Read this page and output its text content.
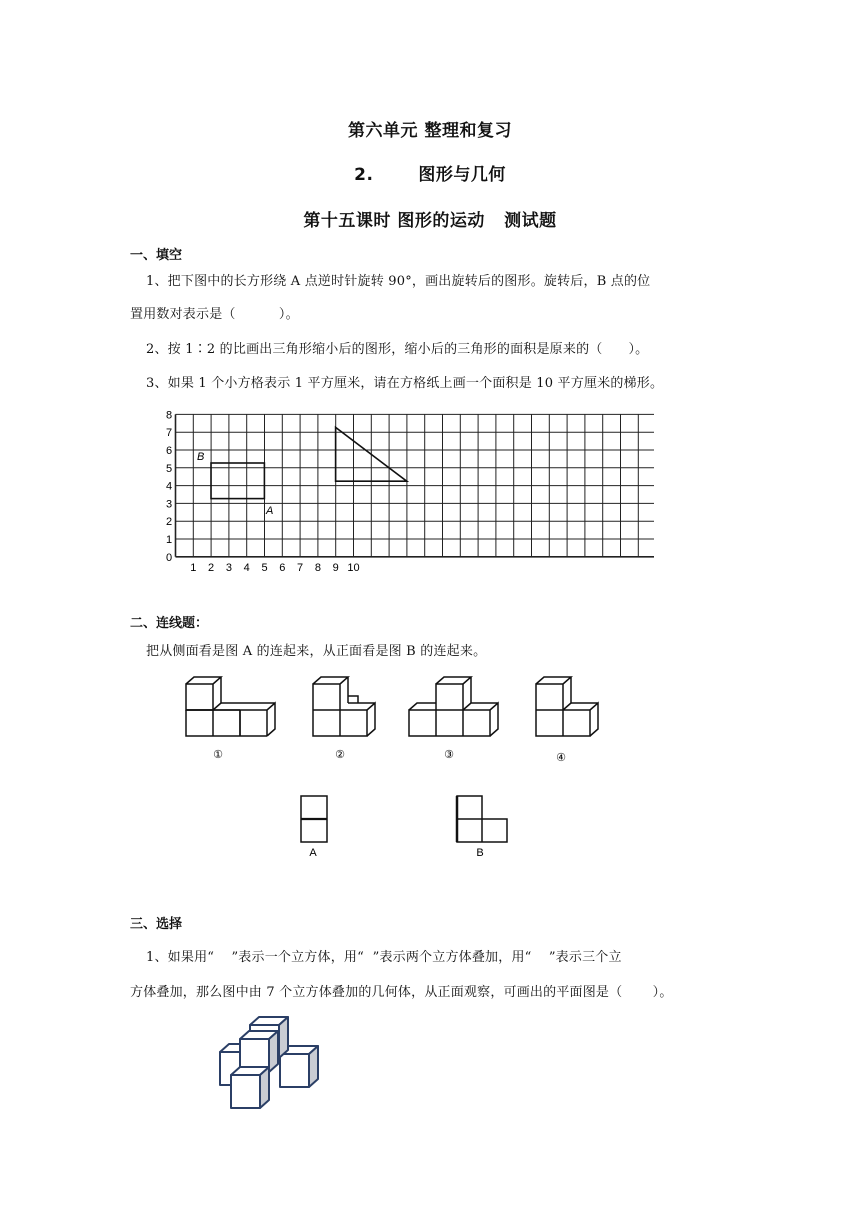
第六单元 整理和复习
2.       图形与几何
第十五课时 图形的运动   测试题
一、填空
1、把下图中的长方形绕 A 点逆时针旋转 90°，画出旋转后的图形。旋转后，B 点的位
置用数对表示是（          ）。
2、按 1∶2 的比画出三角形缩小后的图形，缩小后的三角形的面积是原来的（      ）。
3、如果 1 个小方格表示 1 平方厘米，请在方格纸上画一个面积是 10 平方厘米的梯形。
0
1
2
3
4
5
6
7
8
1 2 3 4 5 6 7 8 9 10
B
A
二、连线题：
把从侧面看是图 A 的连起来，从正面看是图 B 的连起来。
①	②	③	④
A	B
三、选择
1、如果用“    ”表示一个立方体，用“  ”表示两个立方体叠加，用“    ”表示三个立
方体叠加，那么图中由 7 个立方体叠加的几何体，从正面观察，可画出的平面图是（       ）。
